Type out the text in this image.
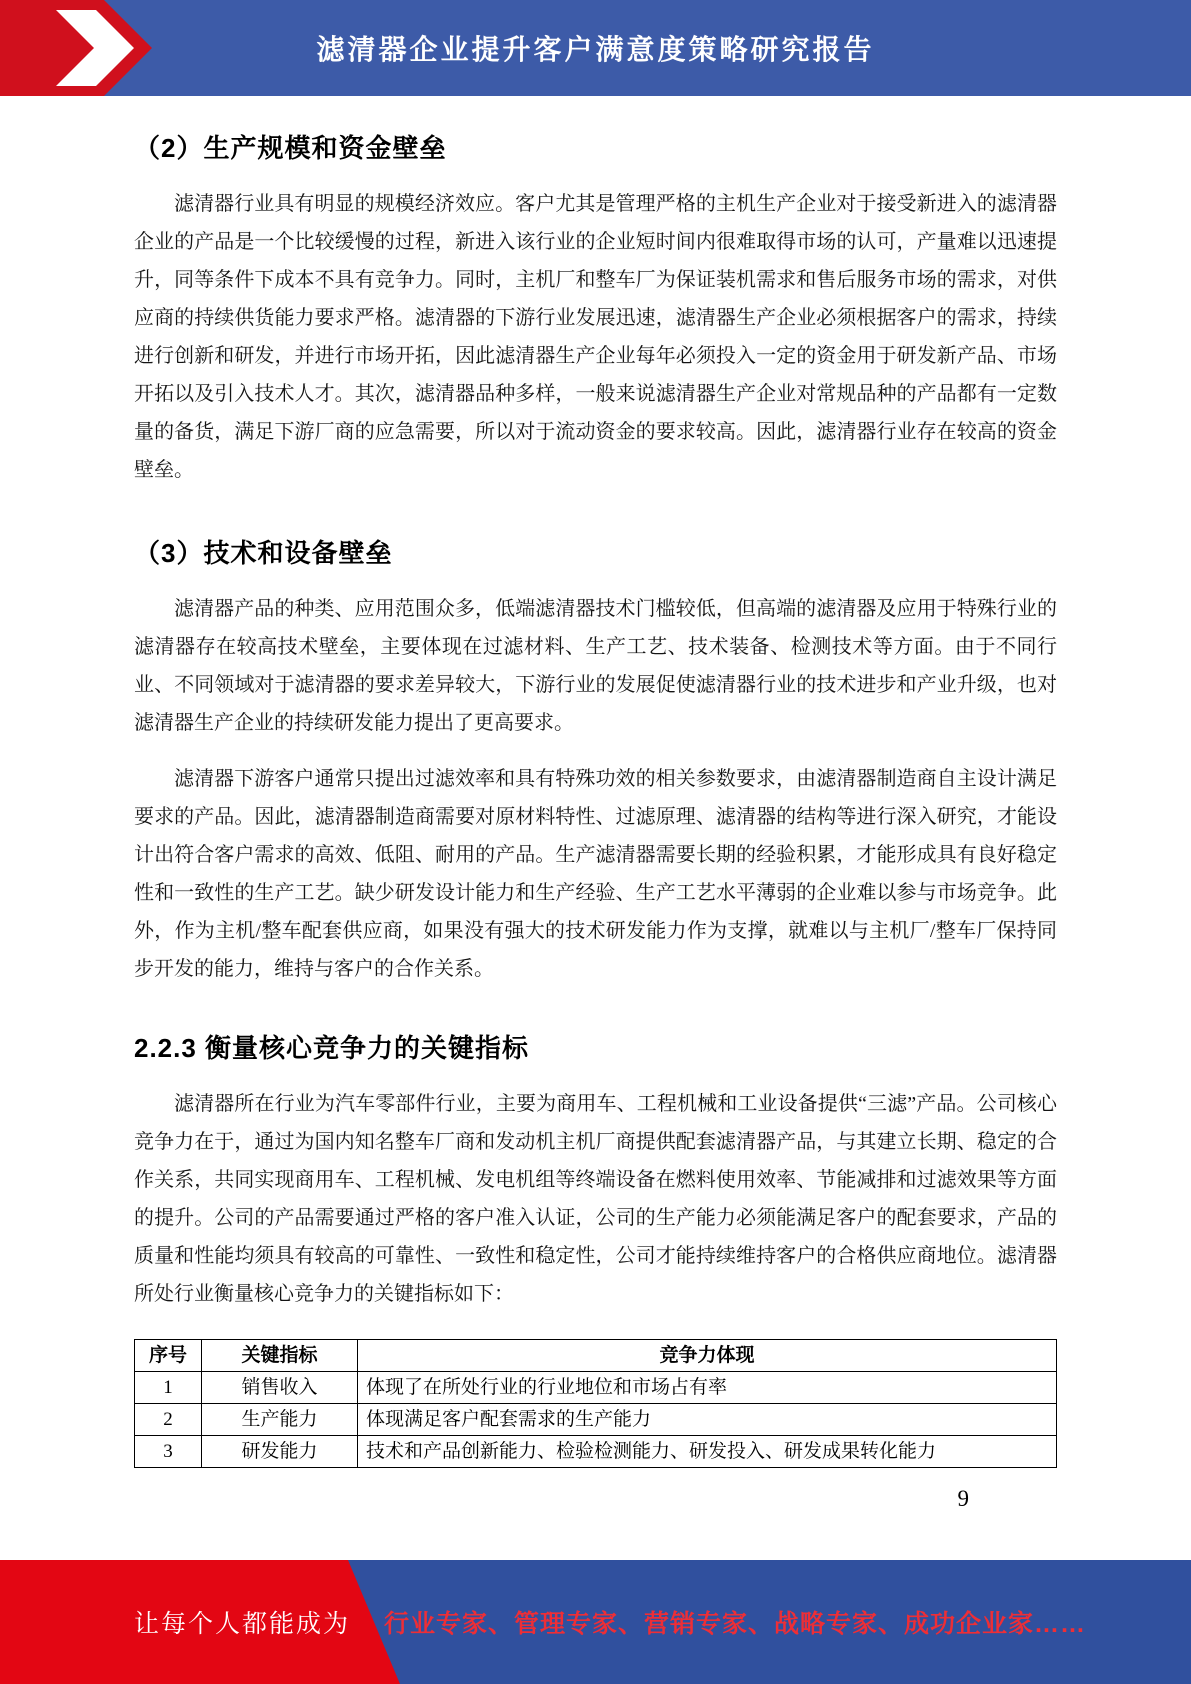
滤清器企业提升客户满意度策略研究报告
（2）生产规模和资金壁垒

滤清器行业具有明显的规模经济效应。客户尤其是管理严格的主机生产企业对于接受新进入的滤清器企业的产品是一个比较缓慢的过程，新进入该行业的企业短时间内很难取得市场的认可，产量难以迅速提升，同等条件下成本不具有竞争力。同时，主机厂和整车厂为保证装机需求和售后服务市场的需求，对供应商的持续供货能力要求严格。滤清器的下游行业发展迅速，滤清器生产企业必须根据客户的需求，持续进行创新和研发，并进行市场开拓，因此滤清器生产企业每年必须投入一定的资金用于研发新产品、市场开拓以及引入技术人才。其次，滤清器品种多样，一般来说滤清器生产企业对常规品种的产品都有一定数量的备货，满足下游厂商的应急需要，所以对于流动资金的要求较高。因此，滤清器行业存在较高的资金壁垒。

（3）技术和设备壁垒

滤清器产品的种类、应用范围众多，低端滤清器技术门槛较低，但高端的滤清器及应用于特殊行业的滤清器存在较高技术壁垒，主要体现在过滤材料、生产工艺、技术装备、检测技术等方面。由于不同行业、不同领域对于滤清器的要求差异较大，下游行业的发展促使滤清器行业的技术进步和产业升级，也对滤清器生产企业的持续研发能力提出了更高要求。

滤清器下游客户通常只提出过滤效率和具有特殊功效的相关参数要求，由滤清器制造商自主设计满足要求的产品。因此，滤清器制造商需要对原材料特性、过滤原理、滤清器的结构等进行深入研究，才能设计出符合客户需求的高效、低阻、耐用的产品。生产滤清器需要长期的经验积累，才能形成具有良好稳定性和一致性的生产工艺。缺少研发设计能力和生产经验、生产工艺水平薄弱的企业难以参与市场竞争。此外，作为主机/整车配套供应商，如果没有强大的技术研发能力作为支撑，就难以与主机厂/整车厂保持同步开发的能力，维持与客户的合作关系。

2.2.3 衡量核心竞争力的关键指标

滤清器所在行业为汽车零部件行业，主要为商用车、工程机械和工业设备提供“三滤”产品。公司核心竞争力在于，通过为国内知名整车厂商和发动机主机厂商提供配套滤清器产品，与其建立长期、稳定的合作关系，共同实现商用车、工程机械、发电机组等终端设备在燃料使用效率、节能减排和过滤效果等方面的提升。公司的产品需要通过严格的客户准入认证，公司的生产能力必须能满足客户的配套要求，产品的质量和性能均须具有较高的可靠性、一致性和稳定性，公司才能持续维持客户的合格供应商地位。滤清器所处行业衡量核心竞争力的关键指标如下：

序号	关键指标	竞争力体现
1	销售收入	体现了在所处行业的行业地位和市场占有率
2	生产能力	体现满足客户配套需求的生产能力
3	研发能力	技术和产品创新能力、检验检测能力、研发投入、研发成果转化能力
9
让每个人都能成为 行业专家、管理专家、营销专家、战略专家、成功企业家……
